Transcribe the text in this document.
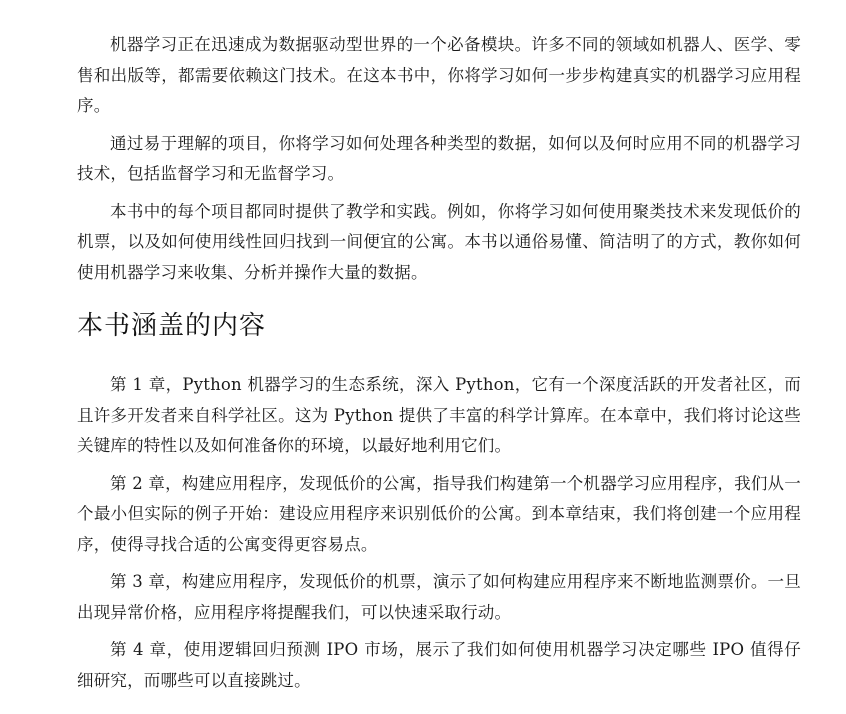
机器学习正在迅速成为数据驱动型世界的一个必备模块。许多不同的领域如机器人、医学、零售和出版等，都需要依赖这门技术。在这本书中，你将学习如何一步步构建真实的机器学习应用程序。

通过易于理解的项目，你将学习如何处理各种类型的数据，如何以及何时应用不同的机器学习技术，包括监督学习和无监督学习。

本书中的每个项目都同时提供了教学和实践。例如，你将学习如何使用聚类技术来发现低价的机票，以及如何使用线性回归找到一间便宜的公寓。本书以通俗易懂、简洁明了的方式，教你如何使用机器学习来收集、分析并操作大量的数据。

本书涵盖的内容

第 1 章，Python 机器学习的生态系统，深入 Python，它有一个深度活跃的开发者社区，而且许多开发者来自科学社区。这为 Python 提供了丰富的科学计算库。在本章中，我们将讨论这些关键库的特性以及如何准备你的环境，以最好地利用它们。

第 2 章，构建应用程序，发现低价的公寓，指导我们构建第一个机器学习应用程序，我们从一个最小但实际的例子开始：建设应用程序来识别低价的公寓。到本章结束，我们将创建一个应用程序，使得寻找合适的公寓变得更容易点。

第 3 章，构建应用程序，发现低价的机票，演示了如何构建应用程序来不断地监测票价。一旦出现异常价格，应用程序将提醒我们，可以快速采取行动。

第 4 章，使用逻辑回归预测 IPO 市场，展示了我们如何使用机器学习决定哪些 IPO 值得仔细研究，而哪些可以直接跳过。
